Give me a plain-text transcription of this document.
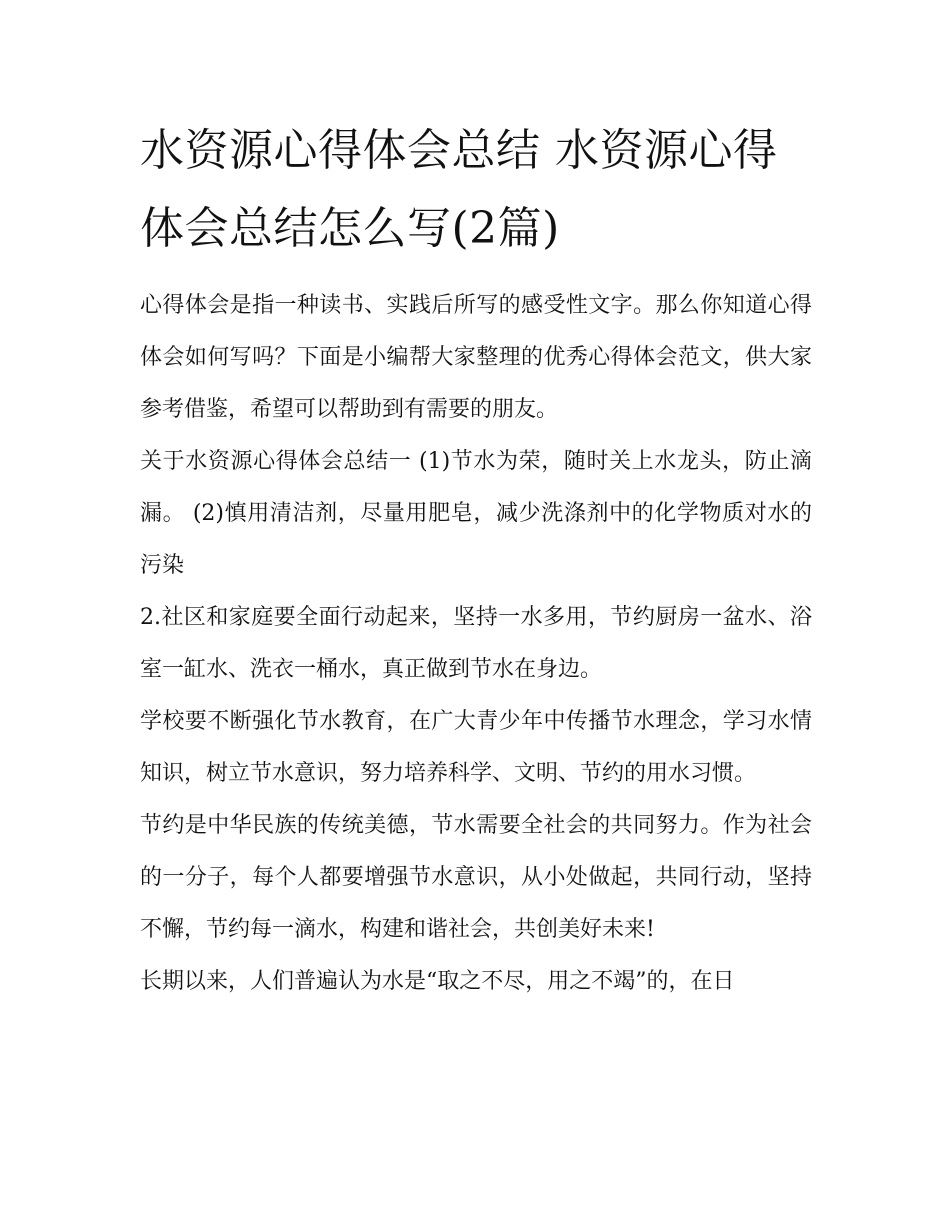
水资源心得体会总结 水资源心得体会总结怎么写(2篇)

心得体会是指一种读书、实践后所写的感受性文字。那么你知道心得体会如何写吗？下面是小编帮大家整理的优秀心得体会范文，供大家参考借鉴，希望可以帮助到有需要的朋友。

关于水资源心得体会总结一 (1)节水为荣，随时关上水龙头，防止滴漏。 (2)慎用清洁剂，尽量用肥皂，减少洗涤剂中的化学物质对水的污染

2.社区和家庭要全面行动起来，坚持一水多用，节约厨房一盆水、浴室一缸水、洗衣一桶水，真正做到节水在身边。

学校要不断强化节水教育，在广大青少年中传播节水理念，学习水情知识，树立节水意识，努力培养科学、文明、节约的用水习惯。

节约是中华民族的传统美德，节水需要全社会的共同努力。作为社会的一分子，每个人都要增强节水意识，从小处做起，共同行动，坚持不懈，节约每一滴水，构建和谐社会，共创美好未来!

长期以来，人们普遍认为水是“取之不尽，用之不竭”的，在日
